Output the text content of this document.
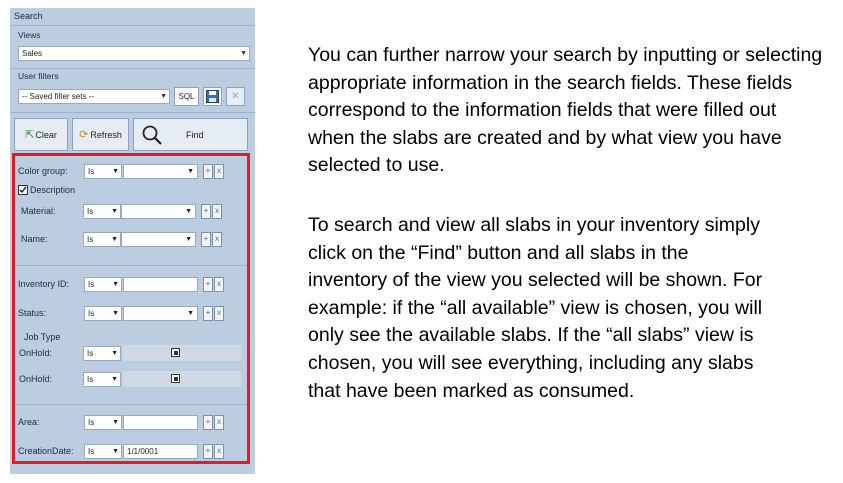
Search
Views
Sales	▼
User filters
-- Saved filter sets --	▼ SQL	✕
⇱ Clear ⟳ Refresh	Find
Color group:	Is	▼	▼	+ x
Description
Material:	Is	▼	▼	+ x
Name:	Is	▼	▼	+ x
Inventory ID:	Is	▼	+ x
Status:	Is	▼	▼	+ x
Job Type
OnHold:	Is	▼
OnHold:	Is	▼
Area:	Is	▼	+ x
CreationDate:	Is	▼	1/1/0001	+ x

You can further narrow your search by inputting or selecting appropriate information in the search fields. These fields correspond to the information fields that were filled out when the slabs are created and by what view you have selected to use.

To search and view all slabs in your inventory simply click on the “Find” button and all slabs in the inventory of the view you selected will be shown. For example: if the “all available” view is chosen, you will only see the available slabs. If the “all slabs” view is chosen, you will see everything, including any slabs that have been marked as consumed.
